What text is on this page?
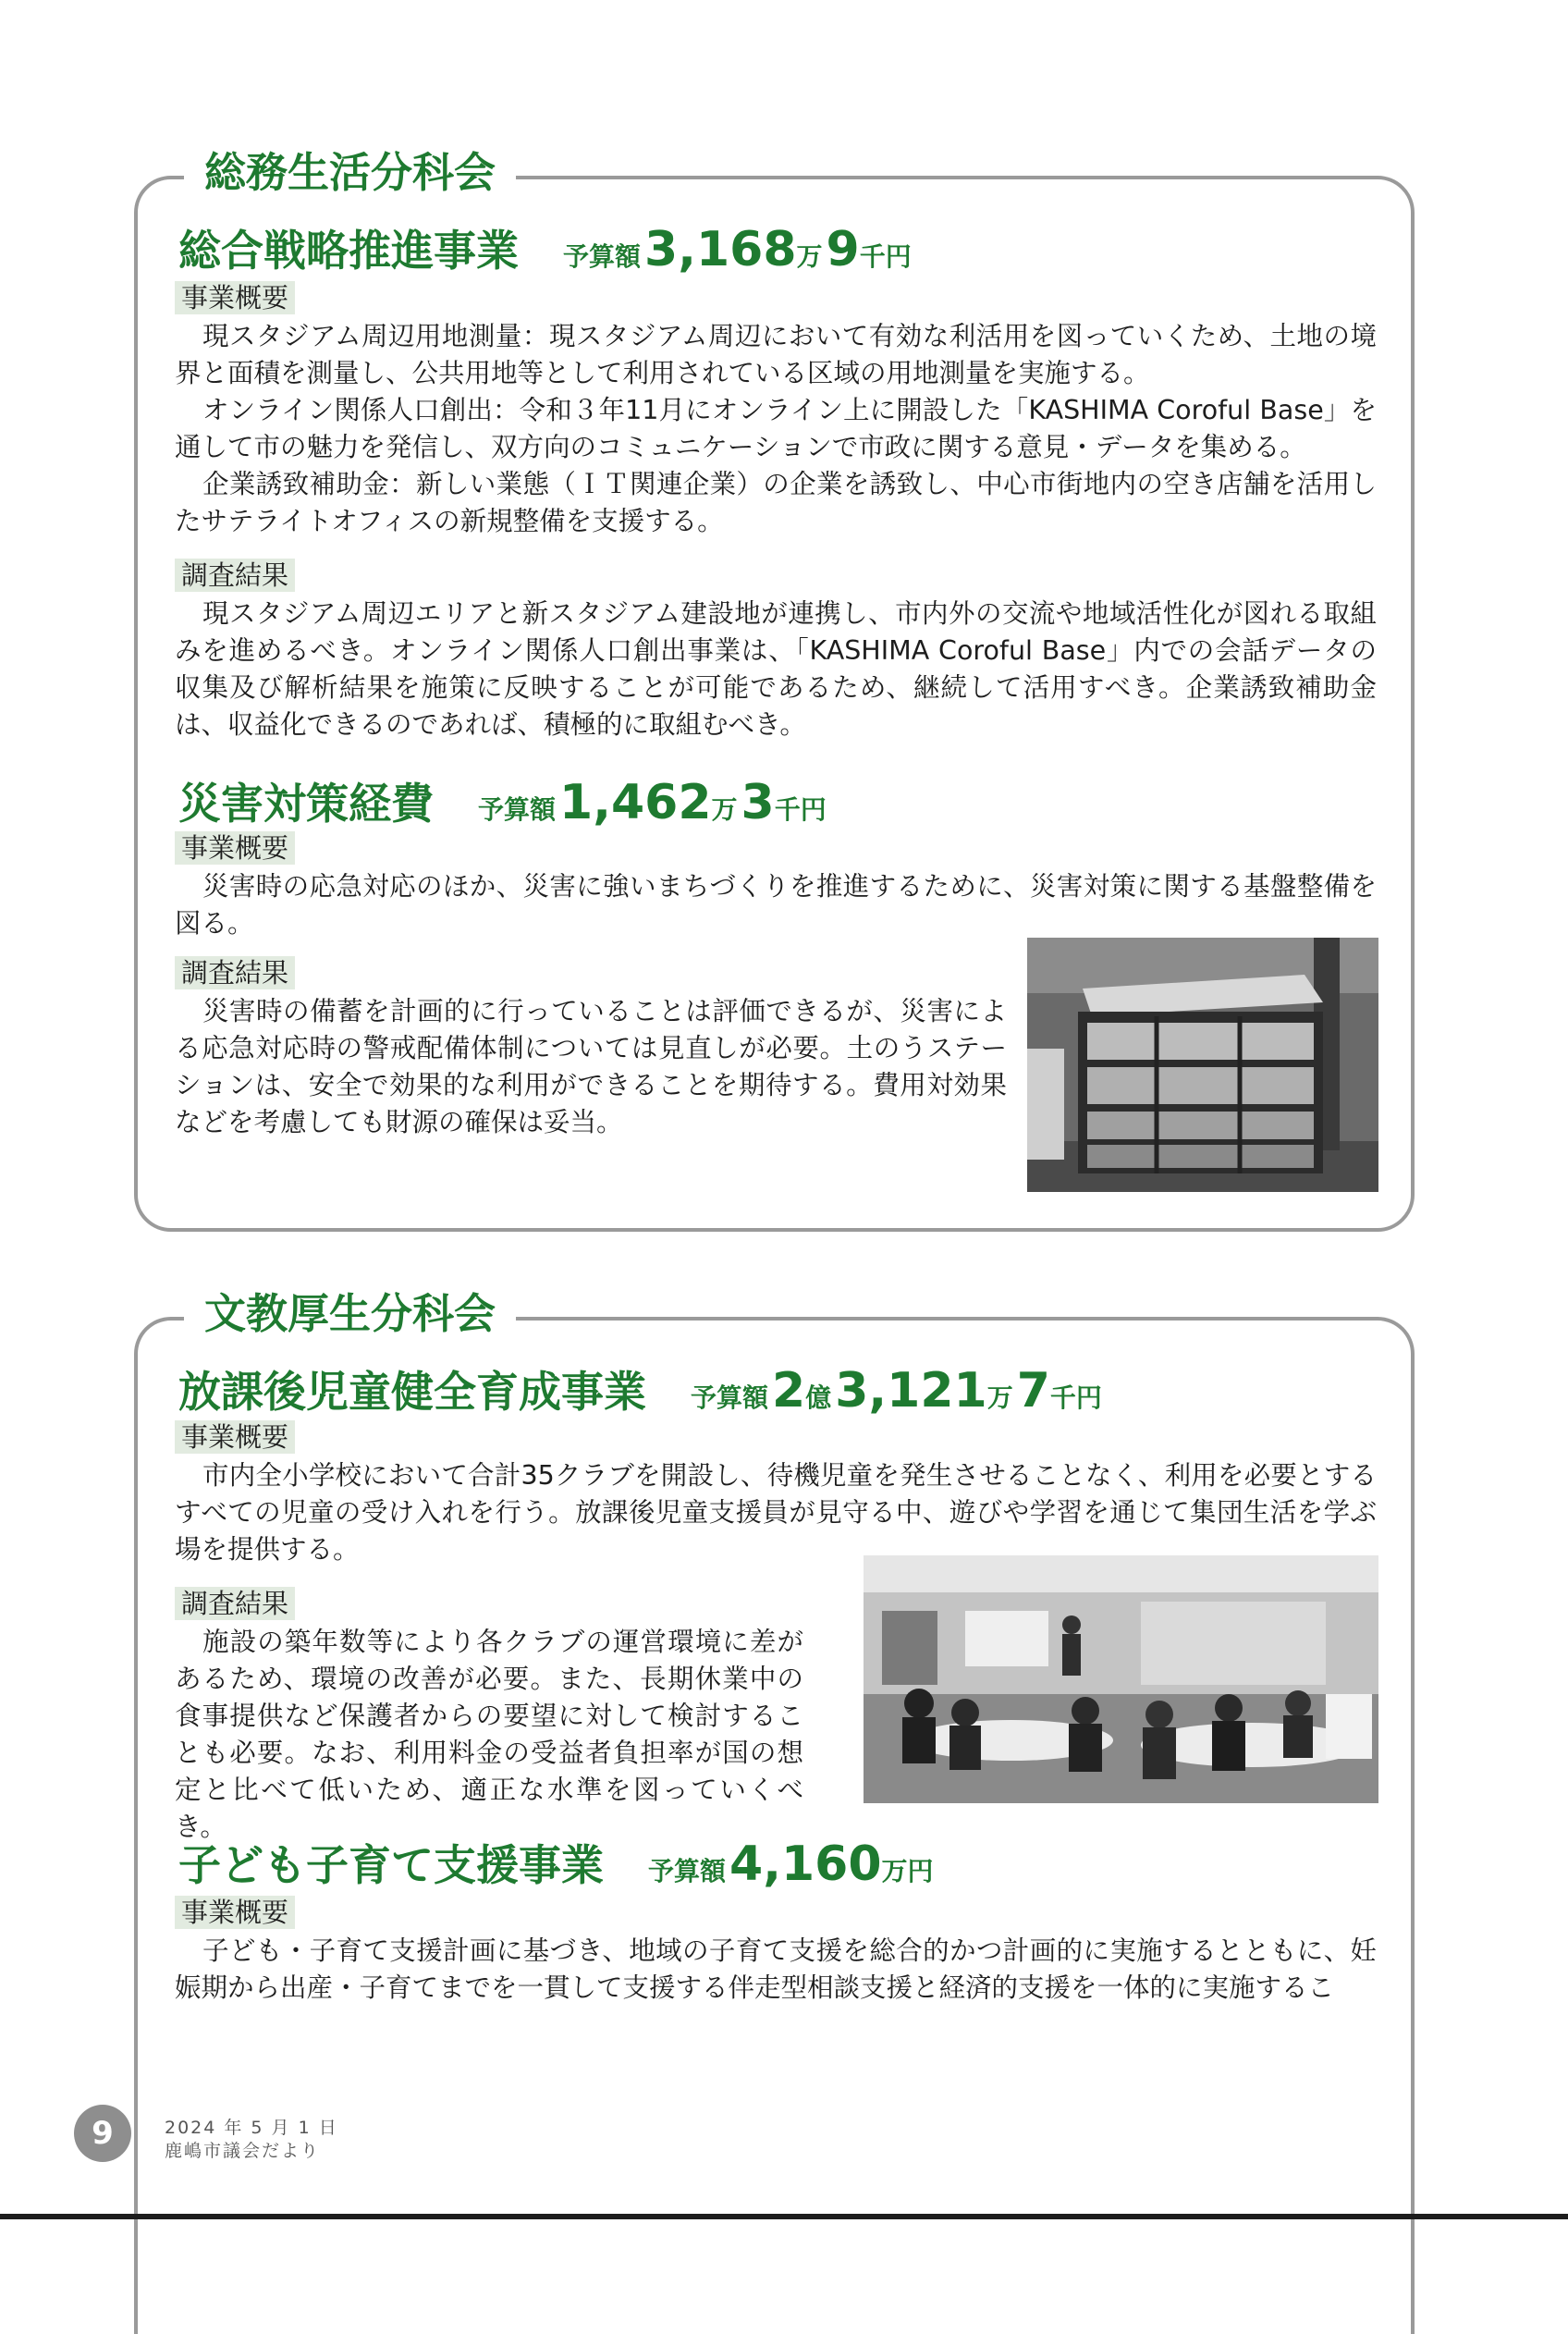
総務生活分科会
総合戦略推進事業 予算額3,168万9千円
事業概要

現スタジアム周辺用地測量：現スタジアム周辺において有効な利活用を図っていくため、土地の境界と面積を測量し、公共用地等として利用されている区域の用地測量を実施する。

オンライン関係人口創出：令和３年11月にオンライン上に開設した「KASHIMA Coroful Base」を通して市の魅力を発信し、双方向のコミュニケーションで市政に関する意見・データを集める。

企業誘致補助金：新しい業態（ＩＴ関連企業）の企業を誘致し、中心市街地内の空き店舗を活用したサテライトオフィスの新規整備を支援する。

調査結果

現スタジアム周辺エリアと新スタジアム建設地が連携し、市内外の交流や地域活性化が図れる取組みを進めるべき。オンライン関係人口創出事業は、「KASHIMA Coroful Base」内での会話データの収集及び解析結果を施策に反映することが可能であるため、継続して活用すべき。企業誘致補助金は、収益化できるのであれば、積極的に取組むべき。

災害対策経費 予算額1,462万3千円
事業概要

災害時の応急対応のほか、災害に強いまちづくりを推進するために、災害対策に関する基盤整備を図る。

調査結果

災害時の備蓄を計画的に行っていることは評価できるが、災害による応急対応時の警戒配備体制については見直しが必要。土のうステーションは、安全で効果的な利用ができることを期待する。費用対効果などを考慮しても財源の確保は妥当。

文教厚生分科会
放課後児童健全育成事業 予算額2億3,121万7千円
事業概要

市内全小学校において合計35クラブを開設し、待機児童を発生させることなく、利用を必要とするすべての児童の受け入れを行う。放課後児童支援員が見守る中、遊びや学習を通じて集団生活を学ぶ場を提供する。

調査結果

施設の築年数等により各クラブの運営環境に差があるため、環境の改善が必要。また、長期休業中の食事提供など保護者からの要望に対して検討することも必要。なお、利用料金の受益者負担率が国の想定と比べて低いため、適正な水準を図っていくべき。

子ども子育て支援事業 予算額4,160万円
事業概要

子ども・子育て支援計画に基づき、地域の子育て支援を総合的かつ計画的に実施するとともに、妊娠期から出産・子育てまでを一貫して支援する伴走型相談支援と経済的支援を一体的に実施するこ

9	2024 年 5 月 1 日
鹿嶋市議会だより
